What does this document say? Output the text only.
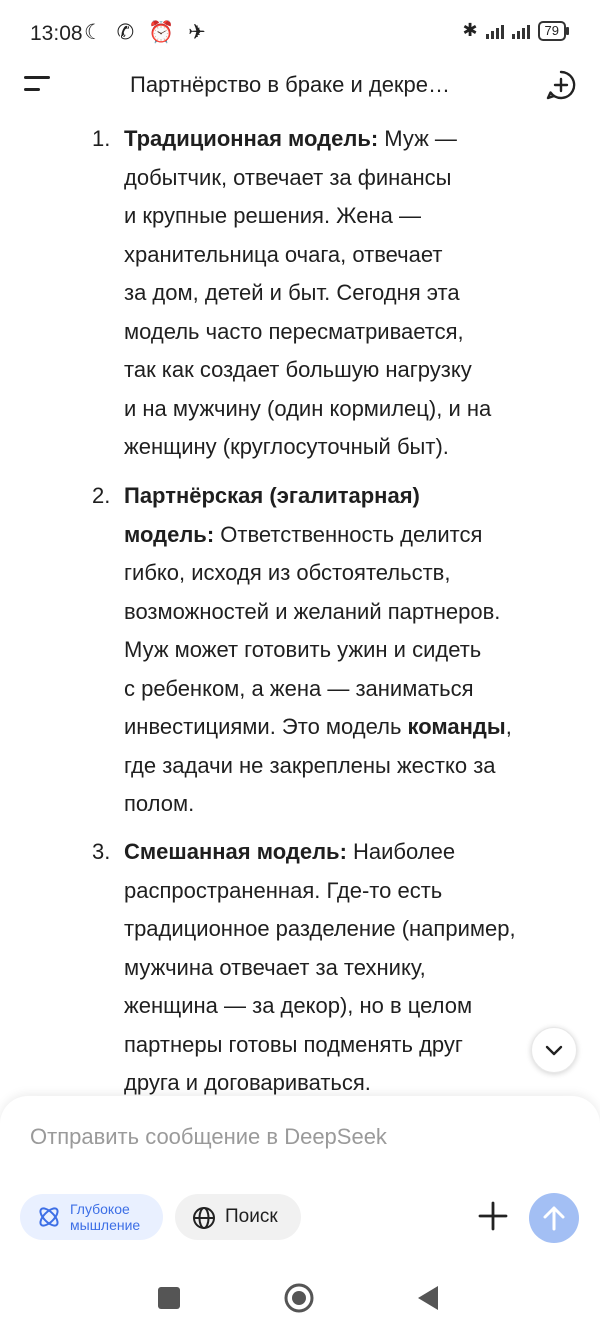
13:08 ☾ ✆ ⏰ ✈	✱	79
Партнёрство в браке и декре…
1. Традиционная модель: Муж —
добытчик, отвечает за финансы
и крупные решения. Жена —
хранительница очага, отвечает
за дом, детей и быт. Сегодня эта
модель часто пересматривается,
так как создает большую нагрузку
и на мужчину (один кормилец), и на
женщину (круглосуточный быт).
2. Партнёрская (эгалитарная)
модель: Ответственность делится
гибко, исходя из обстоятельств,
возможностей и желаний партнеров.
Муж может готовить ужин и сидеть
с ребенком, а жена — заниматься
инвестициями. Это модель команды,
где задачи не закреплены жестко за
полом.
3. Смешанная модель: Наиболее
распространенная. Где-то есть
традиционное разделение (например,
мужчина отвечает за технику,
женщина — за декор), но в целом
партнеры готовы подменять друг
друга и договариваться.
Отправить сообщение в DeepSeek
Глубокое
мышление	Поиск
